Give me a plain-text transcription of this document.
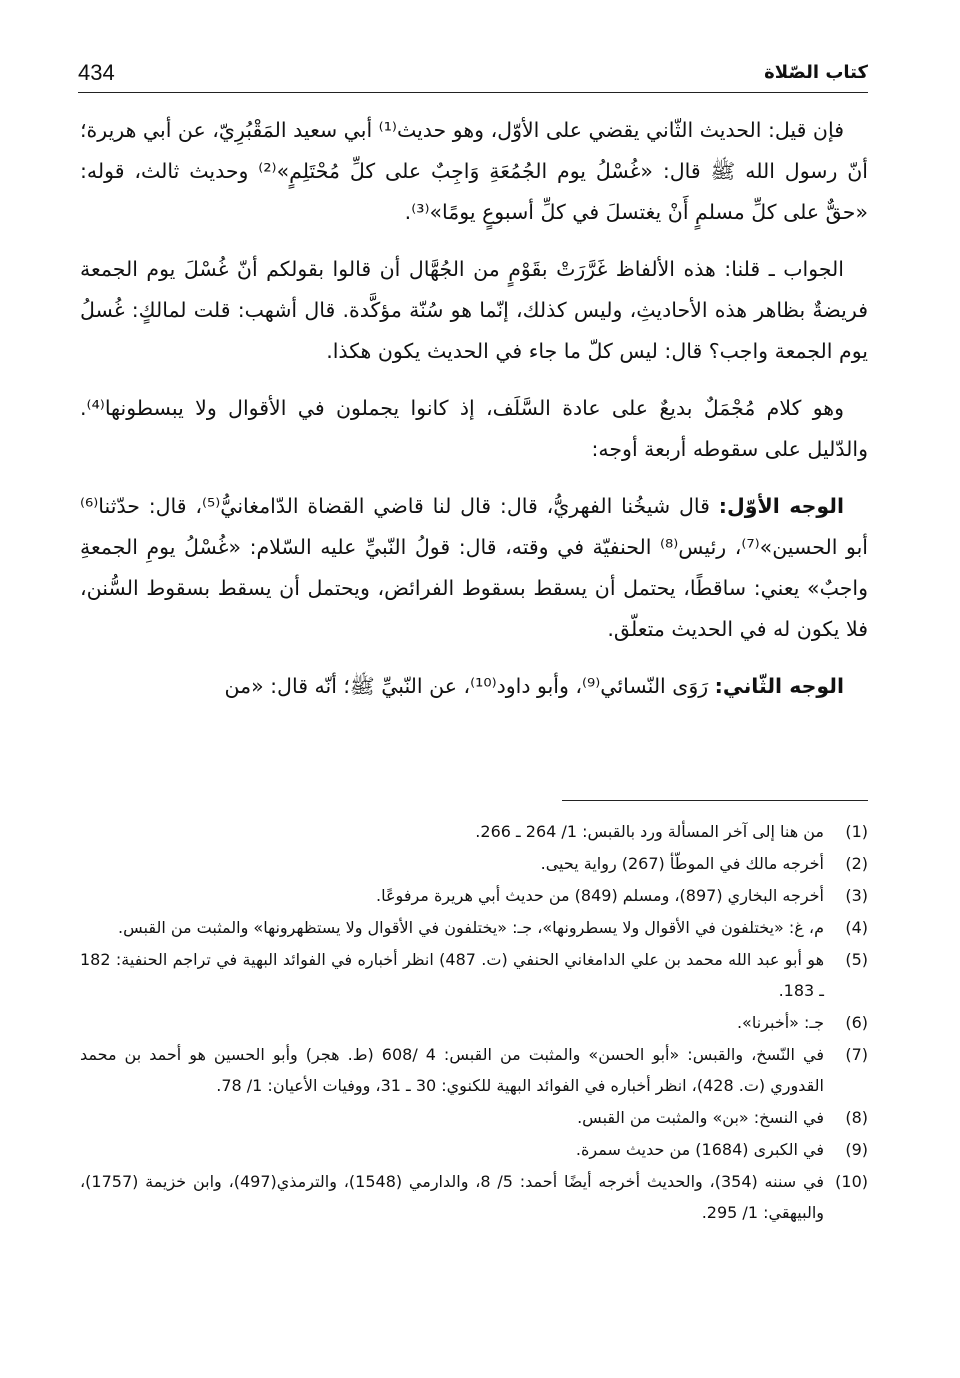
434	كتاب الصّلاة

فإن قيل: الحديث الثّاني يقضي على الأوّل، وهو حديث⁽¹⁾ أبي سعيد المَقْبُرِيّ، عن أبي هريرة؛ أنّ رسول الله ﷺ قال: «غُسْلُ يوم الجُمُعَةِ وَاجِبٌ على كلِّ مُحْتَلِمٍ»⁽²⁾ وحديث ثالث، قوله: «حقٌّ على كلِّ مسلمٍ أَنْ يغتسلَ في كلِّ أسبوعٍ يومًا»⁽³⁾.

الجواب ـ قلنا: هذه الألفاظ غَرَّرَتْ بقَوْمٍ من الجُهَّال أن قالوا بقولكم أنّ غُسْلَ يوم الجمعة فريضةٌ بظاهر هذه الأحاديثِ، وليس كذلك، إنّما هو سُنّة مؤكَّدة. قال أشهب: قلت لمالكٍ: غُسلُ يوم الجمعة واجب؟ قال: ليس كلّ ما جاء في الحديث يكون هكذا.

وهو كلام مُجْمَلٌ بديعٌ على عادة السَّلَف، إذ كانوا يجملون في الأقوال ولا يبسطونها⁽⁴⁾. والدّليل على سقوطه أربعة أوجه:

الوجه الأوّل: قال شيخُنا الفهريُّ، قال: قال لنا قاضي القضاة الدّامغانيُّ⁽⁵⁾، قال: حدّثنا⁽⁶⁾ أبو الحسين»⁽⁷⁾، رئيس⁽⁸⁾ الحنفيّة في وقته، قال: قولُ النّبيِّ عليه السّلام: «غُسْلُ يومِ الجمعةِ واجبٌ» يعني: ساقطًا، يحتمل أن يسقط بسقوط الفرائض، ويحتمل أن يسقط بسقوط السُّنن، فلا يكون له في الحديث متعلّق.

الوجه الثّاني: رَوَى النّسائي⁽⁹⁾، وأبو داود⁽¹⁰⁾، عن النّبيِّ ﷺ؛ أنّه قال: «من

(1)
من هنا إلى آخر المسألة ورد بالقبس: 1/ 264 ـ 266.
(2)
أخرجه مالك في الموطّأ (267) رواية يحيى.
(3)
أخرجه البخاري (897)، ومسلم (849) من حديث أبي هريرة مرفوعًا.
(4)
م، غ: «يختلفون في الأقوال ولا يسطرونها»، جـ: «يختلفون في الأقوال ولا يستظهرونها» والمثبت من القبس.
(5)
هو أبو عبد الله محمد بن علي الدامغاني الحنفي (ت. 487) انظر أخباره في الفوائد البهية في تراجم الحنفية: 182 ـ 183.
(6)
جـ: «أخبرنا».
(7)
في النّسخ، والقبس: «أبو الحسن» والمثبت من القبس: 4 /608 (ط. هجر) وأبو الحسين هو أحمد بن محمد القدوري (ت. 428)، انظر أخباره في الفوائد البهية للكنوي: 30 ـ 31، ووفيات الأعيان: 1/ 78.
(8)
في النسخ: «بن» والمثبت من القبس.
(9)
في الكبرى (1684) من حديث سمرة.
(10)
في سننه (354)، والحديث أخرجه أيضًا أحمد: 5/ 8، والدارمي (1548)، والترمذي(497)، وابن خزيمة (1757)، والبيهقي: 1/ 295.
